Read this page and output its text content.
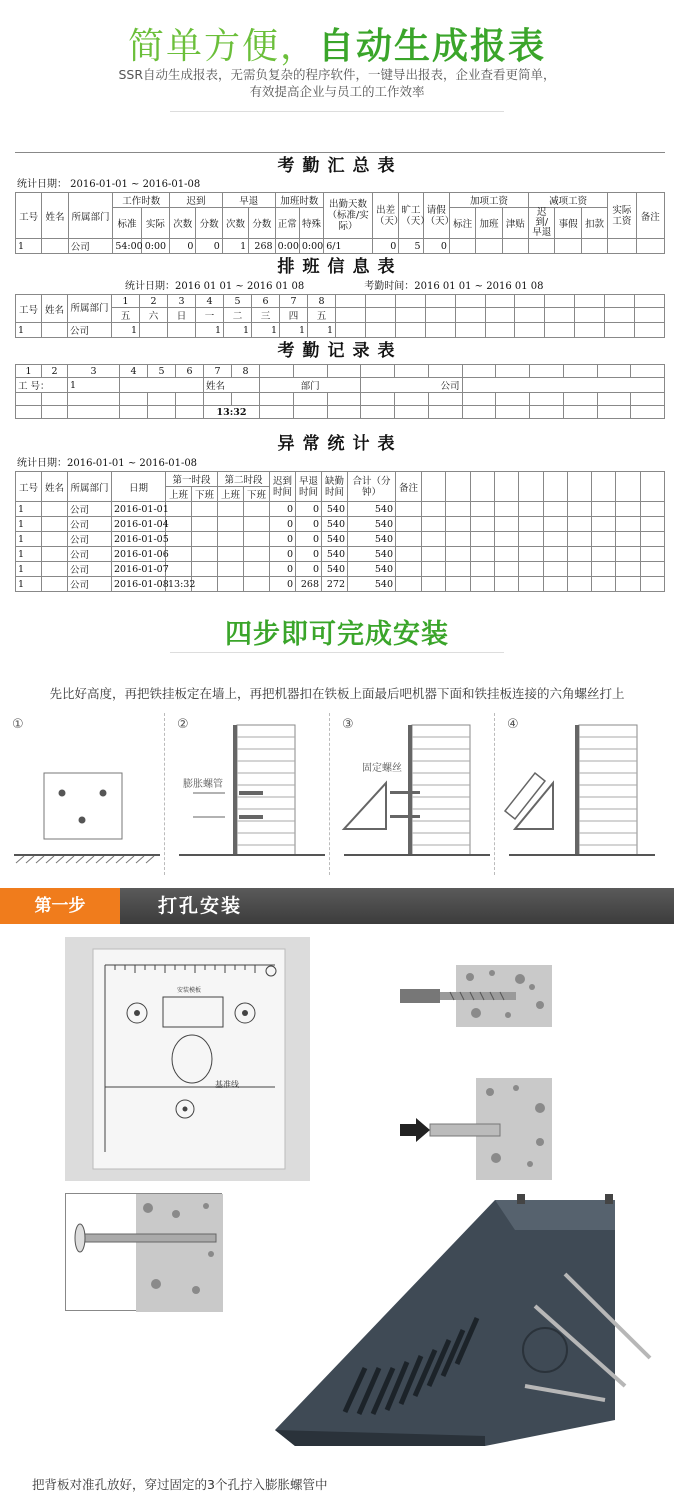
简单方便，自动生成报表
SSR自动生成报表，无需负复杂的程序软件，一键导出报表，企业查看更简单，
有效提高企业与员工的工作效率
考勤汇总表
统计日期： 2016-01-01 ~ 2016-01-08
工号	姓名	所属部门	工作时数		迟到		早退		加班时数		出勤天数（标准/实际）	出差（天）	旷工（天）	请假（天）	加项工资			减项工资			实际工资	备注
			标准	实际	次数	分数	次数	分数	正常	特殊					标注	加班	津贴	迟到/早退	事假	扣款		
1		公司	54:00	0:00	0	0	1	268	0:00	0:00	6/1	0	5	0								
排班信息表
统计日期：2016 01 01 ~ 2016 01 08	考勤时间：2016 01 01 ~ 2016 01 08
工号	姓名	所属部门	1	2	3	4	5	6	7	8											
			五	六	日	一	二	三	四	五											
1		公司	1			1	1	1	1	1											
考勤记录表
1	2	3	4	5	6	7	8												
工 号：		1				姓名		部门			公司								

						13:32													
异常统计表
统计日期：2016-01-01 ~ 2016-01-08
工号	姓名	所属部门	日期	第一时段		第二时段		迟到时间	早退时间	缺勤时间	合计（分钟）	备注										
				上班	下班	上班	下班															
1		公司	2016-01-01					0	0	540	540											
1		公司	2016-01-04					0	0	540	540											
1		公司	2016-01-05					0	0	540	540											
1		公司	2016-01-06					0	0	540	540											
1		公司	2016-01-07					0	0	540	540											
1		公司	2016-01-08	13:32				0	268	272	540											
四步即可完成安装
先比好高度，再把铁挂板定在墙上，再把机器扣在铁板上面最后吧机器下面和铁挂板连接的六角螺丝打上
①	②
膨胀螺管
③
固定螺丝
④
第一步	打孔安装
基准线
安装模板
把背板对准孔放好，穿过固定的3个孔拧入膨胀螺管中
